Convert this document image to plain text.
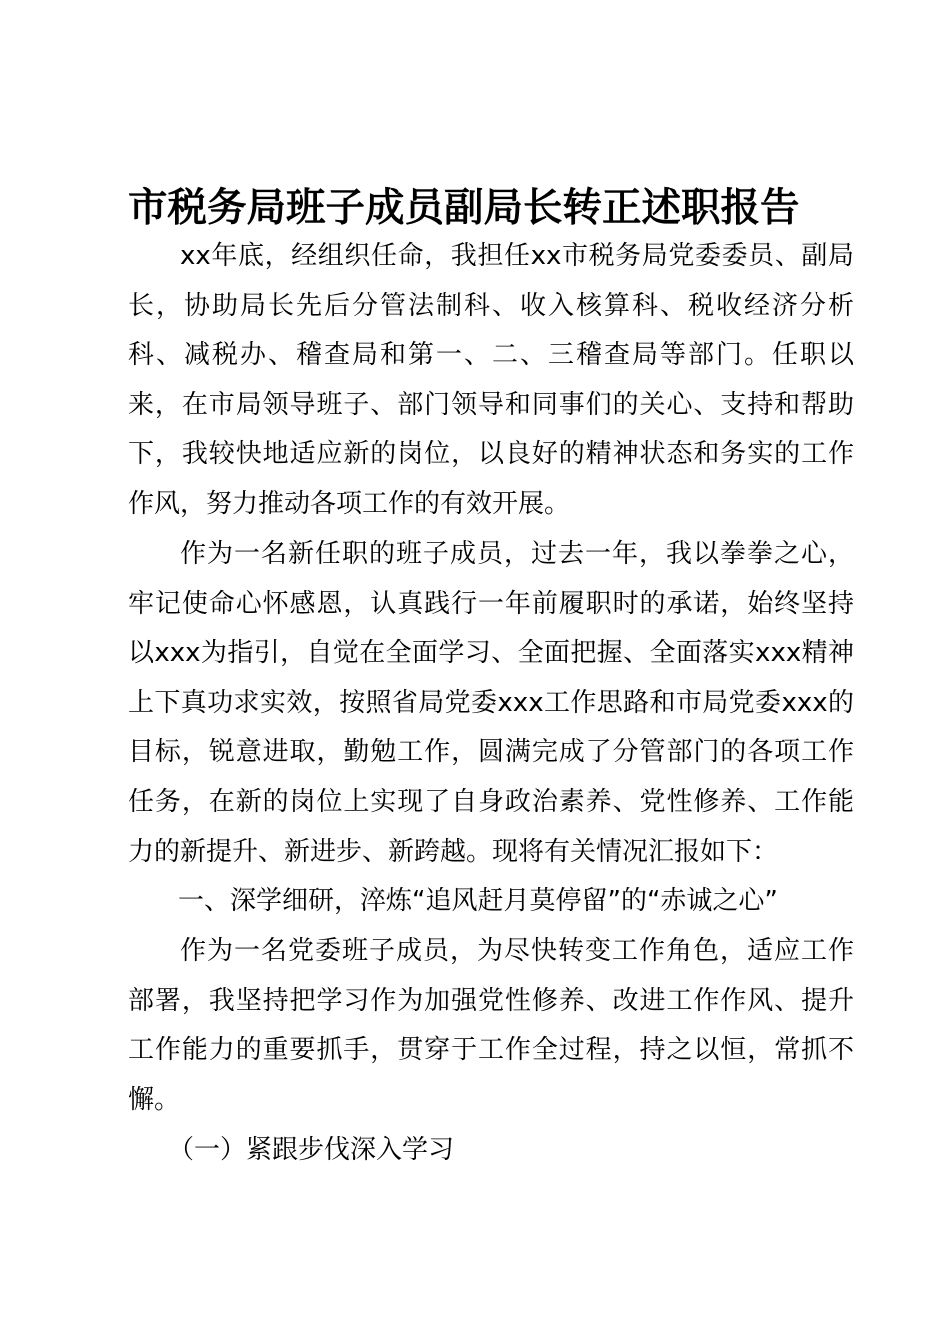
市税务局班子成员副局长转正述职报告

xx年底，经组织任命，我担任xx市税务局党委委员、副局长，协助局长先后分管法制科、收入核算科、税收经济分析科、减税办、稽查局和第一、二、三稽查局等部门。任职以来，在市局领导班子、部门领导和同事们的关心、支持和帮助下，我较快地适应新的岗位，以良好的精神状态和务实的工作作风，努力推动各项工作的有效开展。

作为一名新任职的班子成员，过去一年，我以拳拳之心，牢记使命心怀感恩，认真践行一年前履职时的承诺，始终坚持以xxx为指引，自觉在全面学习、全面把握、全面落实xxx精神上下真功求实效，按照省局党委xxx工作思路和市局党委xxx的目标，锐意进取，勤勉工作，圆满完成了分管部门的各项工作任务，在新的岗位上实现了自身政治素养、党性修养、工作能力的新提升、新进步、新跨越。现将有关情况汇报如下：

一、深学细研，淬炼“追风赶月莫停留”的“赤诚之心”

作为一名党委班子成员，为尽快转变工作角色，适应工作部署，我坚持把学习作为加强党性修养、改进工作作风、提升工作能力的重要抓手，贯穿于工作全过程，持之以恒，常抓不懈。

（一）紧跟步伐深入学习
